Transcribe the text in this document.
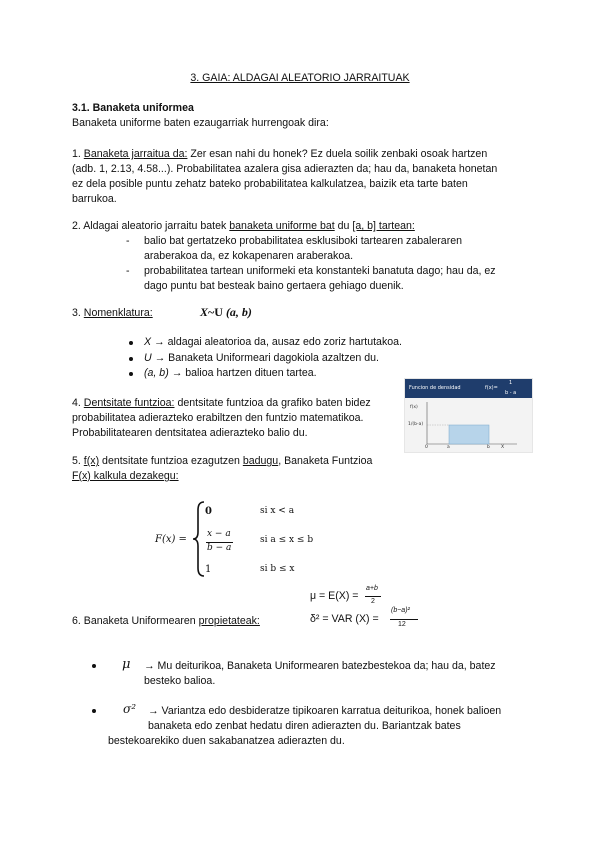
3. GAIA: ALDAGAI ALEATORIO JARRAITUAK
3.1. Banaketa uniformea
Banaketa uniforme baten ezaugarriak hurrengoak dira:
1. Banaketa jarraitua da: Zer esan nahi du honek? Ez duela soilik zenbaki osoak hartzen
(adb. 1, 2.13, 4.58...). Probabilitatea azalera gisa adierazten da; hau da, banaketa honetan
ez dela posible puntu zehatz bateko probabilitatea kalkulatzea, baizik eta tarte baten
barrukoa.
2. Aldagai aleatorio jarraitu batek banaketa uniforme bat du [a, b] tartean:
- balio bat gertatzeko probabilitatea esklusiboki tartearen zabaleraren
araberakoa da, ez kokapenaren araberakoa.
- probabilitatea tartean uniformeki eta konstanteki banatuta dago; hau da, ez
dago puntu bat besteak baino gertaera gehiago duenik.
3. Nomenklatura:	X~U (a, b)
X → aldagai aleatorioa da, ausaz edo zoriz hartutakoa.
U → Banaketa Uniformeari dagokiola azaltzen du.
(a, b) → balioa hartzen dituen tartea.
4. Dentsitate funtzioa: dentsitate funtzioa da grafiko baten bidez
probabilitatea adierazteko erabiltzen den funtzio matematikoa.
Probabilitatearen dentsitatea adierazteko balio du.
Funcion de densidad	f(x)=
1
b - a
a < x < b
f(x)
1/(b-a)
0	a	b X
5. f(x) dentsitate funtzioa ezagutzen badugu, Banaketa Funtzioa
F(x) kalkula dezakegu:
F(x) =
0	si x < a
x − a
b − a
si a ≤ x ≤ b
1	si b ≤ x
μ = E(X) =
a+b
2
6. Banaketa Uniformearen propietateak:	δ² = VAR (X) =
(b−a)²
12
μ → Mu deiturikoa, Banaketa Uniformearen batezbestekoa da; hau da, batez
besteko balioa.
σ² → Variantza edo desbideratze tipikoaren karratua deiturikoa, honek balioen
banaketa edo zenbat hedatu diren adierazten du. Bariantzak bates
bestekoarekiko duen sakabanatzea adierazten du.
